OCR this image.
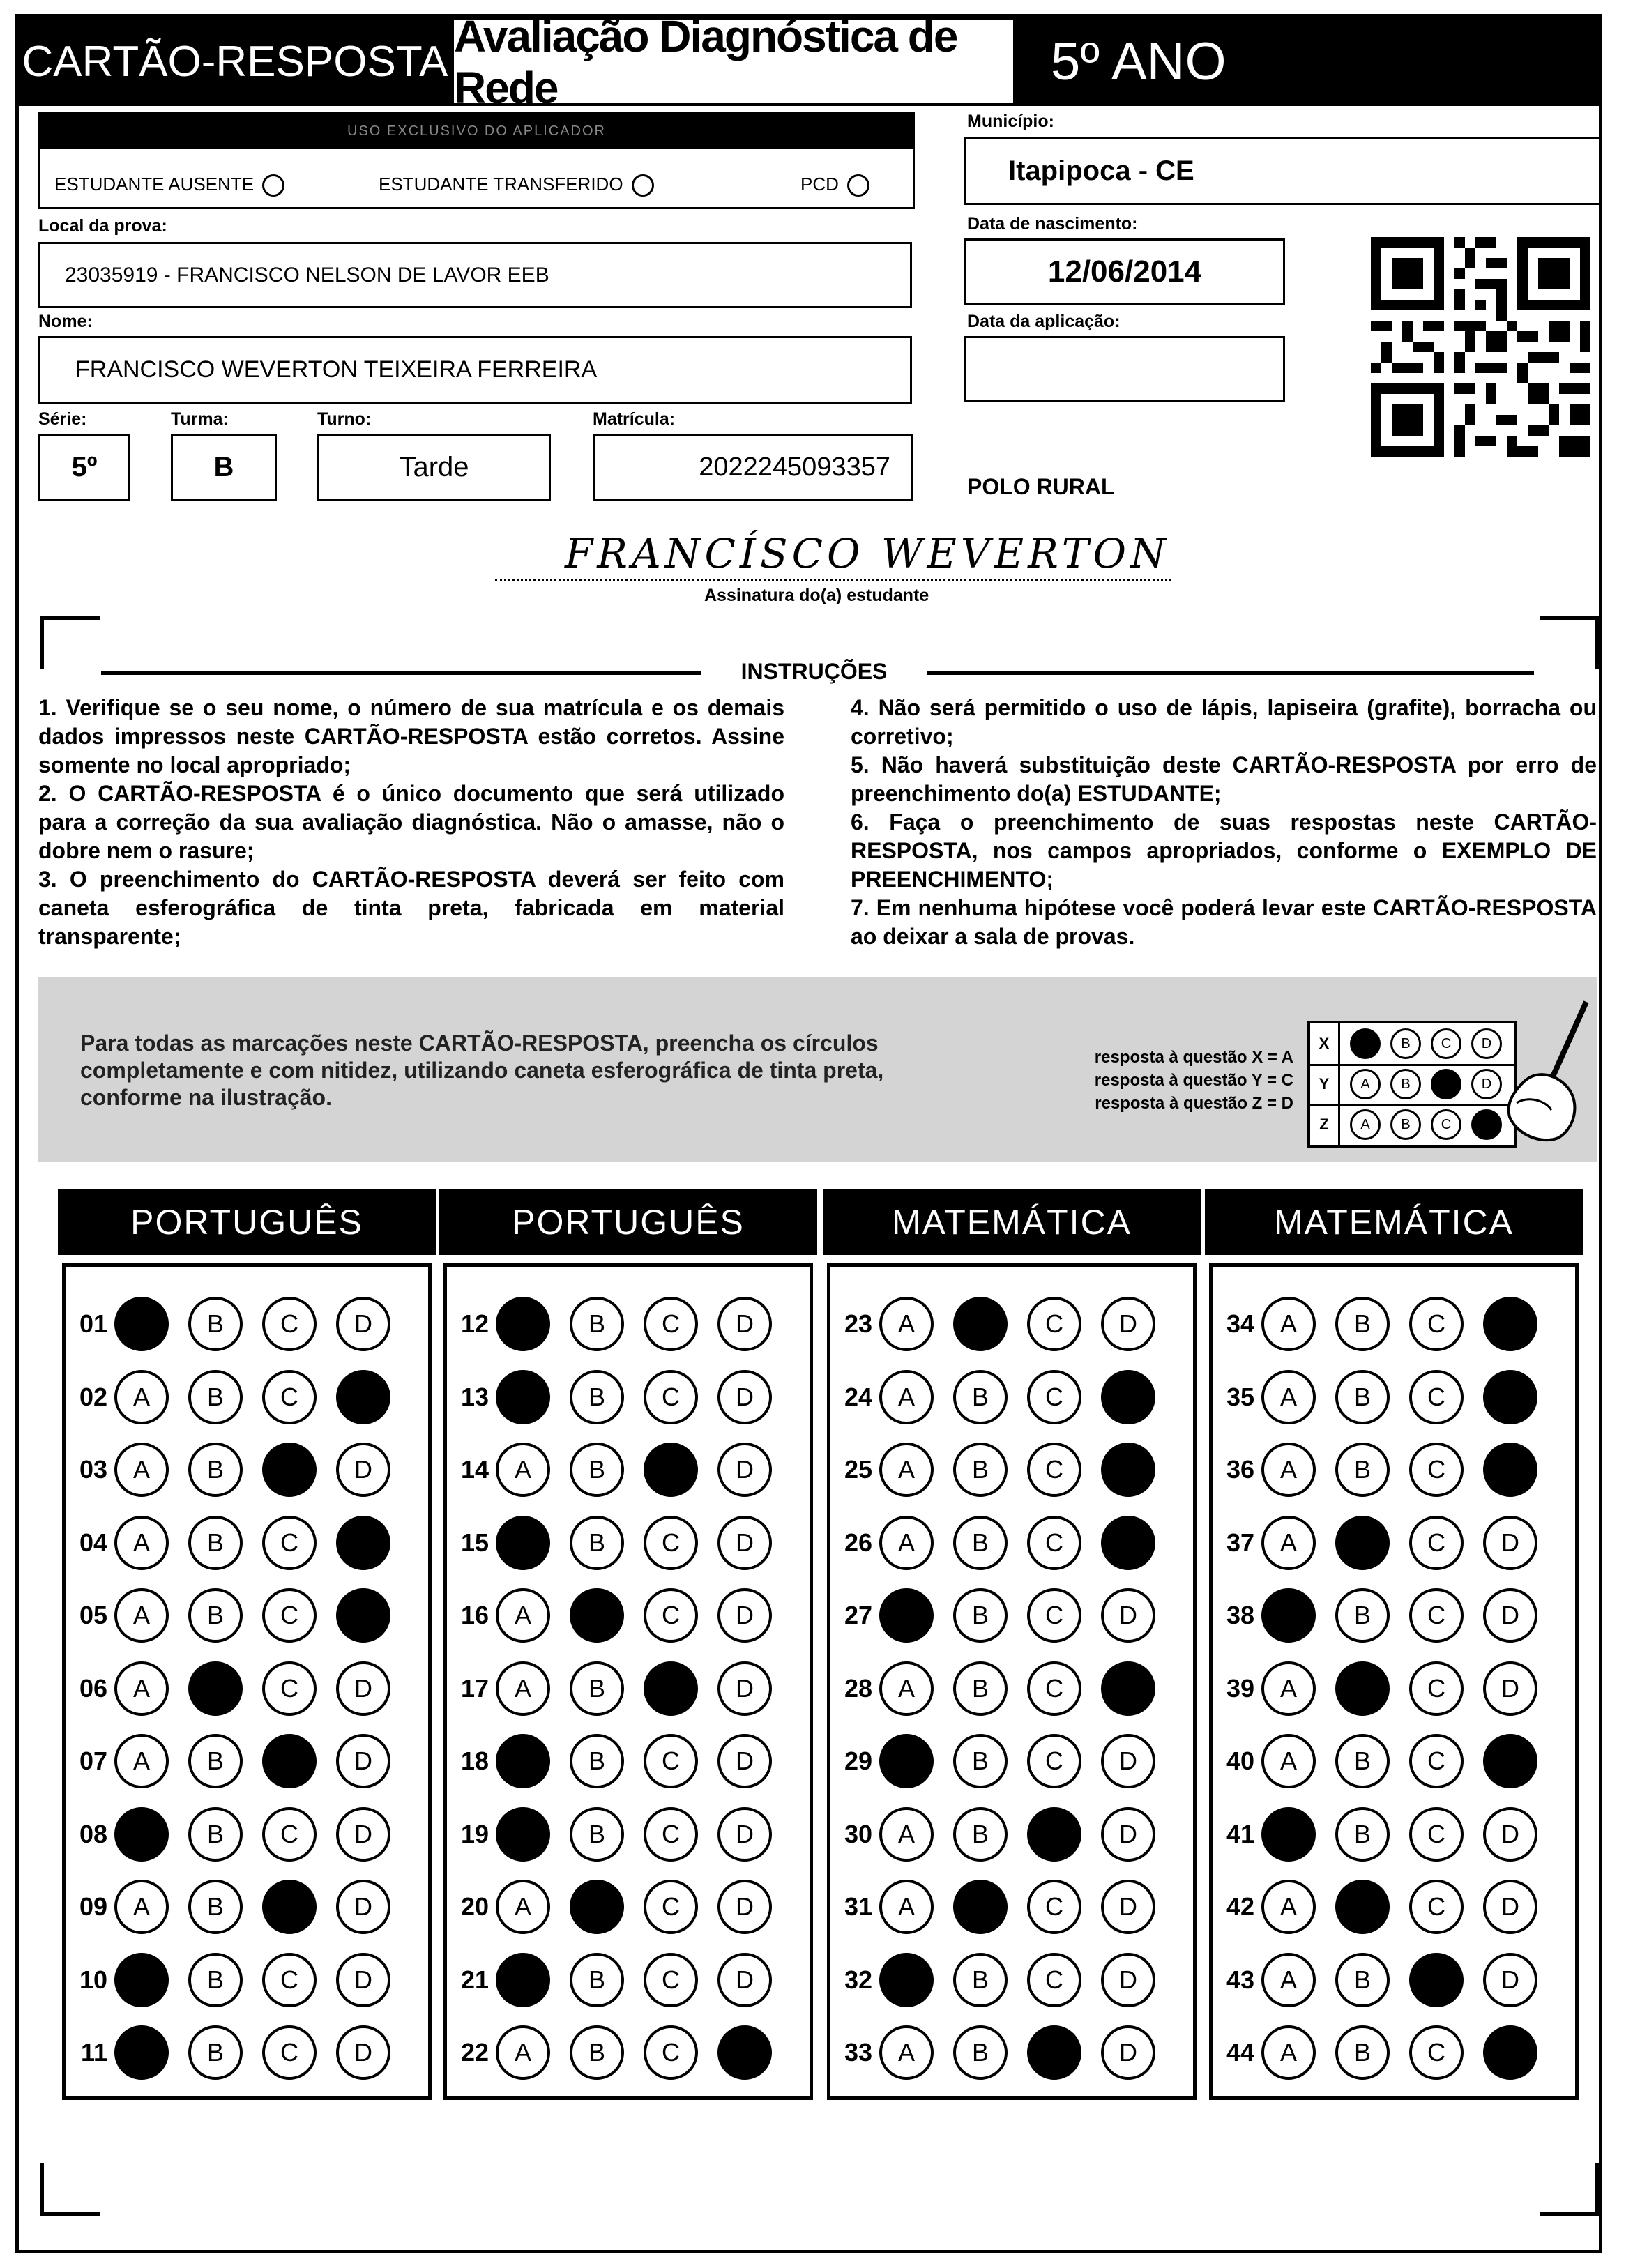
CARTÃO-RESPOSTA
Avaliação Diagnóstica de Rede	5º ANO
USO EXCLUSIVO DO APLICADOR
ESTUDANTE AUSENTE	ESTUDANTE TRANSFERIDO	PCD
Local da prova:
23035919 - FRANCISCO NELSON DE LAVOR EEB
Nome:
FRANCISCO WEVERTON TEIXEIRA FERREIRA
Série:
5º
Turma:
B
Turno:
Tarde
Matrícula:
2022245093357
Município:
Itapipoca - CE
Data de nascimento:
12/06/2014
Data da aplicação:
POLO RURAL
FRANCÍSCO WEVERTON
Assinatura do(a) estudante
INSTRUÇÕES

1. Verifique se o seu nome, o número de sua matrícula e os demais dados impressos neste CARTÃO-RESPOSTA estão corretos. Assine somente no local apropriado;

2. O CARTÃO-RESPOSTA é o único documento que será utilizado para a correção da sua avaliação diagnóstica. Não o amasse, não o dobre nem o rasure;

3. O preenchimento do CARTÃO-RESPOSTA deverá ser feito com caneta esferográfica de tinta preta, fabricada em material transparente;

4. Não será permitido o uso de lápis, lapiseira (grafite), borracha ou corretivo;

5. Não haverá substituição deste CARTÃO-RESPOSTA por erro de preenchimento do(a) ESTUDANTE;

6. Faça o preenchimento de suas respostas neste CARTÃO-RESPOSTA, nos campos apropriados, conforme o EXEMPLO DE PREENCHIMENTO;

7. Em nenhuma hipótese você poderá levar este CARTÃO-RESPOSTA ao deixar a sala de provas.

Para todas as marcações neste CARTÃO-RESPOSTA, preencha os círculos completamente e com nitidez, utilizando caneta esferográfica de tinta preta, conforme na ilustração.
resposta à questão X = A
resposta à questão Y = C
resposta à questão Z = D
X	B	C	D
Y	A	B	D
Z	A	B	C
PORTUGUÊS
01	B	C	D
02	A	B	C
03	A	B	D
04	A	B	C
05	A	B	C
06	A	C	D
07	A	B	D
08	B	C	D
09	A	B	D
10	B	C	D
11	B	C	D
PORTUGUÊS
12	B	C	D
13	B	C	D
14	A	B	D
15	B	C	D
16	A	C	D
17	A	B	D
18	B	C	D
19	B	C	D
20	A	C	D
21	B	C	D
22	A	B	C
MATEMÁTICA
23	A	C	D
24	A	B	C
25	A	B	C
26	A	B	C
27	B	C	D
28	A	B	C
29	B	C	D
30	A	B	D
31	A	C	D
32	B	C	D
33	A	B	D
MATEMÁTICA
34	A	B	C
35	A	B	C
36	A	B	C
37	A	C	D
38	B	C	D
39	A	C	D
40	A	B	C
41	B	C	D
42	A	C	D
43	A	B	D
44	A	B	C
